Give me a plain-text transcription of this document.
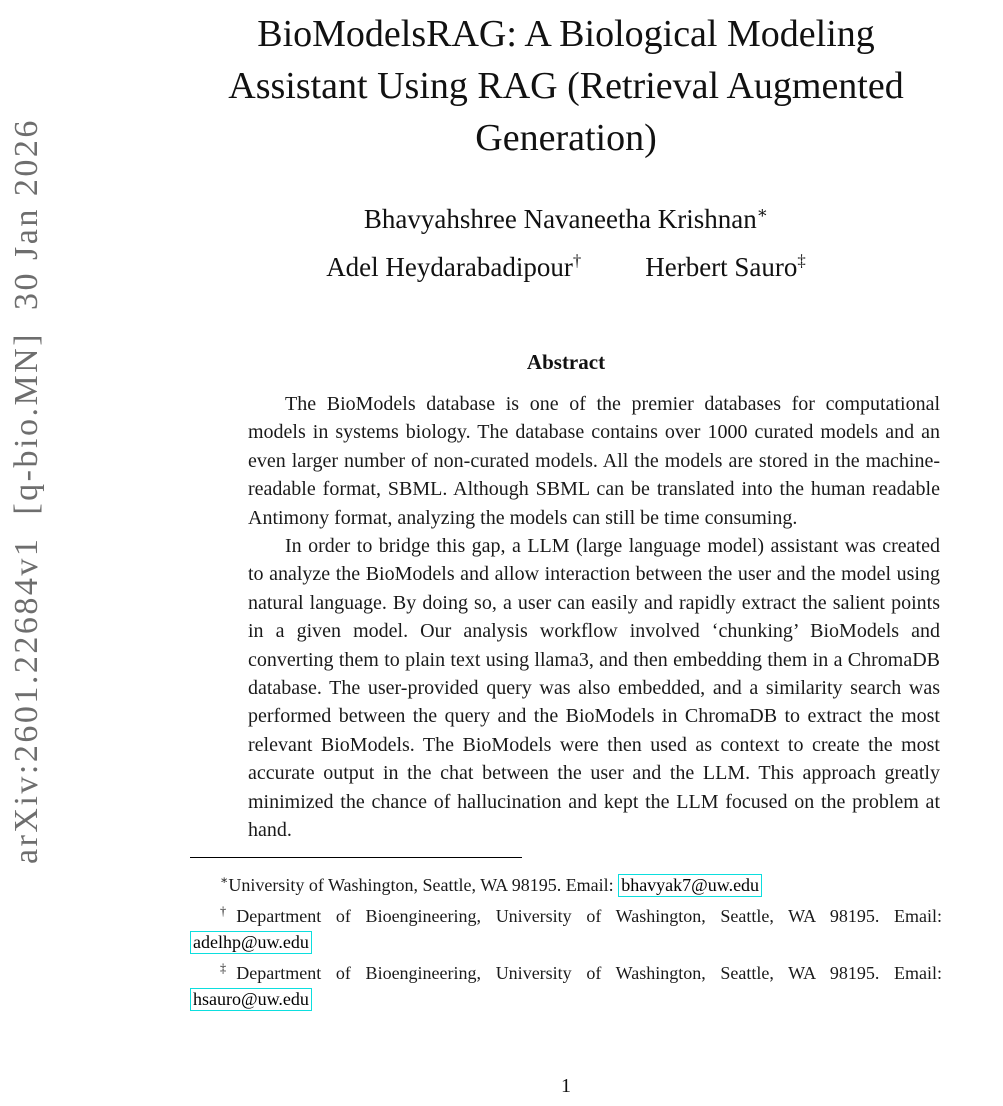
arXiv:2601.22684v1  [q-bio.MN]  30 Jan 2026
BioModelsRAG: A Biological Modeling
Assistant Using RAG (Retrieval Augmented
Generation)
Bhavyahshree Navaneetha Krishnan∗
Adel Heydarabadipour† Herbert Sauro‡
Abstract

The BioModels database is one of the premier databases for computational models in systems biology. The database contains over 1000 curated models and an even larger number of non-curated models. All the models are stored in the machine-readable format, SBML. Although SBML can be translated into the human readable Antimony format, analyzing the models can still be time consuming.

In order to bridge this gap, a LLM (large language model) assistant was created to analyze the BioModels and allow interaction between the user and the model using natural language. By doing so, a user can easily and rapidly extract the salient points in a given model. Our analysis workflow involved ‘chunking’ BioModels and converting them to plain text using llama3, and then embedding them in a ChromaDB database. The user-provided query was also embedded, and a similarity search was performed between the query and the BioModels in ChromaDB to extract the most relevant BioModels. The BioModels were then used as context to create the most accurate output in the chat between the user and the LLM. This approach greatly minimized the chance of hallucination and kept the LLM focused on the problem at hand.

∗University of Washington, Seattle, WA 98195. Email: bhavyak7@uw.edu

†Department of Bioengineering, University of Washington, Seattle, WA 98195. Email: adelhp@uw.edu

‡Department of Bioengineering, University of Washington, Seattle, WA 98195. Email: hsauro@uw.edu

1
